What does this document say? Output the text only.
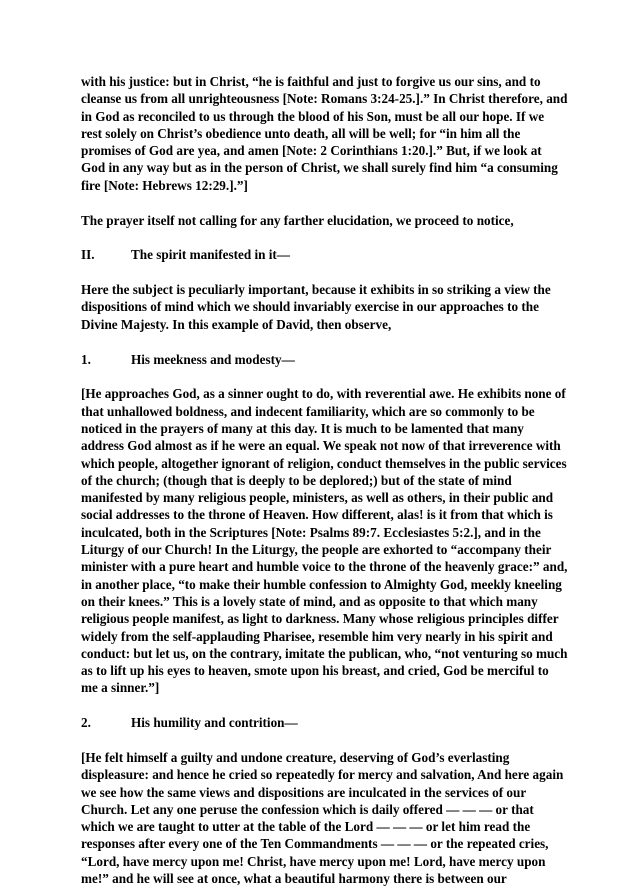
with his justice: but in Christ, “he is faithful and just to forgive us our sins, and to cleanse us from all unrighteousness [Note: Romans 3:24-25.].” In Christ therefore, and in God as reconciled to us through the blood of his Son, must be all our hope. If we rest solely on Christ’s obedience unto death, all will be well; for “in him all the promises of God are yea, and amen [Note: 2 Corinthians 1:20.].” But, if we look at God in any way but as in the person of Christ, we shall surely find him “a consuming fire [Note: Hebrews 12:29.].”]

The prayer itself not calling for any farther elucidation, we proceed to notice,

II.	The spirit manifested in it—

Here the subject is peculiarly important, because it exhibits in so striking a view the dispositions of mind which we should invariably exercise in our approaches to the Divine Majesty. In this example of David, then observe,

1.	His meekness and modesty—

[He approaches God, as a sinner ought to do, with reverential awe. He exhibits none of that unhallowed boldness, and indecent familiarity, which are so commonly to be noticed in the prayers of many at this day. It is much to be lamented that many address God almost as if he were an equal. We speak not now of that irreverence with which people, altogether ignorant of religion, conduct themselves in the public services of the church; (though that is deeply to be deplored;) but of the state of mind manifested by many religious people, ministers, as well as others, in their public and social addresses to the throne of Heaven. How different, alas! is it from that which is inculcated, both in the Scriptures [Note: Psalms 89:7. Ecclesiastes 5:2.], and in the Liturgy of our Church! In the Liturgy, the people are exhorted to “accompany their minister with a pure heart and humble voice to the throne of the heavenly grace:” and, in another place, “to make their humble confession to Almighty God, meekly kneeling on their knees.” This is a lovely state of mind, and as opposite to that which many religious people manifest, as light to darkness. Many whose religious principles differ widely from the self-applauding Pharisee, resemble him very nearly in his spirit and conduct: but let us, on the contrary, imitate the publican, who, “not venturing so much as to lift up his eyes to heaven, smote upon his breast, and cried, God be merciful to me a sinner.”]

2.	His humility and contrition—

[He felt himself a guilty and undone creature, deserving of God’s everlasting displeasure: and hence he cried so repeatedly for mercy and salvation, And here again we see how the same views and dispositions are inculcated in the services of our Church. Let any one peruse the confession which is daily offered — — — or that which we are taught to utter at the table of the Lord — — — or let him read the responses after every one of the Ten Commandments — — — or the repeated cries, “Lord, have mercy upon me! Christ, have mercy upon me! Lord, have mercy upon me!” and he will see at once, what a beautiful harmony there is between our
